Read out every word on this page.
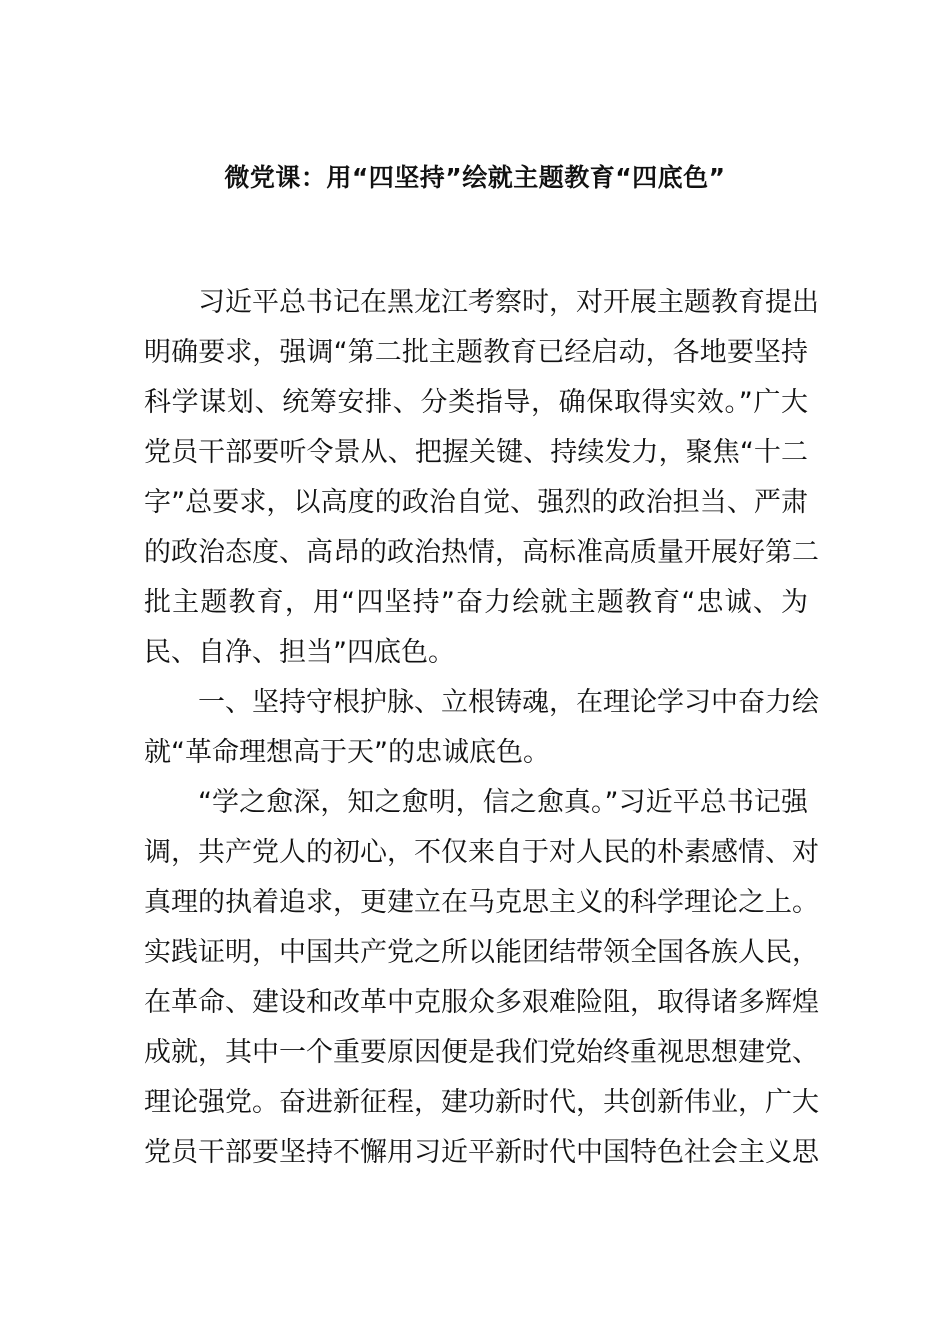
微党课：用“四坚持”绘就主题教育“四底色”
习近平总书记在黑龙江考察时，对开展主题教育提出
明确要求，强调“第二批主题教育已经启动，各地要坚持
科学谋划、统筹安排、分类指导，确保取得实效。”广大
党员干部要听令景从、把握关键、持续发力，聚焦“十二
字”总要求，以高度的政治自觉、强烈的政治担当、严肃
的政治态度、高昂的政治热情，高标准高质量开展好第二
批主题教育，用“四坚持”奋力绘就主题教育“忠诚、为
民、自净、担当”四底色。
一、坚持守根护脉、立根铸魂，在理论学习中奋力绘
就“革命理想高于天”的忠诚底色。
“学之愈深，知之愈明，信之愈真。”习近平总书记强
调，共产党人的初心，不仅来自于对人民的朴素感情、对
真理的执着追求，更建立在马克思主义的科学理论之上。
实践证明，中国共产党之所以能团结带领全国各族人民，
在革命、建设和改革中克服众多艰难险阻，取得诸多辉煌
成就，其中一个重要原因便是我们党始终重视思想建党、
理论强党。奋进新征程，建功新时代，共创新伟业，广大
党员干部要坚持不懈用习近平新时代中国特色社会主义思
